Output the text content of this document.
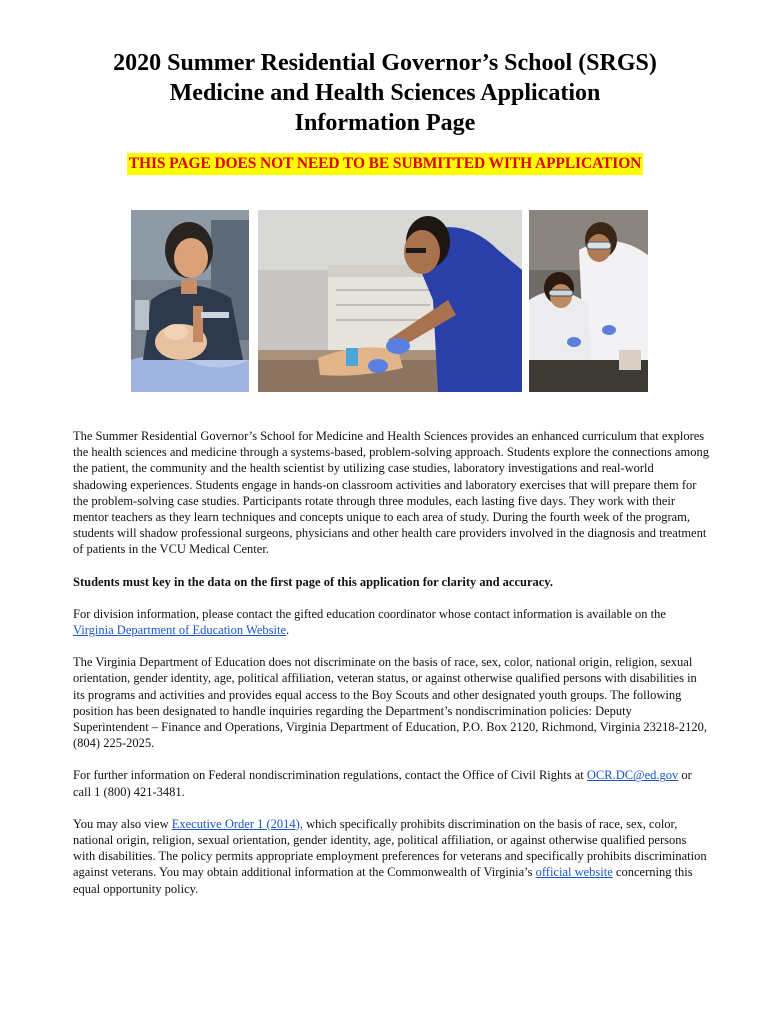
2020 Summer Residential Governor’s School (SRGS)
Medicine and Health Sciences Application
Information Page
THIS PAGE DOES NOT NEED TO BE SUBMITTED WITH APPLICATION

The Summer Residential Governor’s School for Medicine and Health Sciences provides an enhanced curriculum that explores the health sciences and medicine through a systems-based, problem-solving approach. Students explore the connections among the patient, the community and the health scientist by utilizing case studies, laboratory investigations and real-world shadowing experiences. Students engage in hands-on classroom activities and laboratory exercises that will prepare them for the problem-solving case studies. Participants rotate through three modules, each lasting five days. They work with their mentor teachers as they learn techniques and concepts unique to each area of study. During the fourth week of the program, students will shadow professional surgeons, physicians and other health care providers involved in the diagnosis and treatment of patients in the VCU Medical Center.

Students must key in the data on the first page of this application for clarity and accuracy.

For division information, please contact the gifted education coordinator whose contact information is available on the Virginia Department of Education Website.

The Virginia Department of Education does not discriminate on the basis of race, sex, color, national origin, religion, sexual orientation, gender identity, age, political affiliation, veteran status, or against otherwise qualified persons with disabilities in its programs and activities and provides equal access to the Boy Scouts and other designated youth groups. The following position has been designated to handle inquiries regarding the Department’s nondiscrimination policies: Deputy Superintendent – Finance and Operations, Virginia Department of Education, P.O. Box 2120, Richmond, Virginia 23218-2120, (804) 225-2025.

For further information on Federal nondiscrimination regulations, contact the Office of Civil Rights at OCR.DC@ed.gov or call 1 (800) 421-3481.

You may also view Executive Order 1 (2014), which specifically prohibits discrimination on the basis of race, sex, color, national origin, religion, sexual orientation, gender identity, age, political affiliation, or against otherwise qualified persons with disabilities. The policy permits appropriate employment preferences for veterans and specifically prohibits discrimination against veterans. You may obtain additional information at the Commonwealth of Virginia’s official website concerning this equal opportunity policy.
